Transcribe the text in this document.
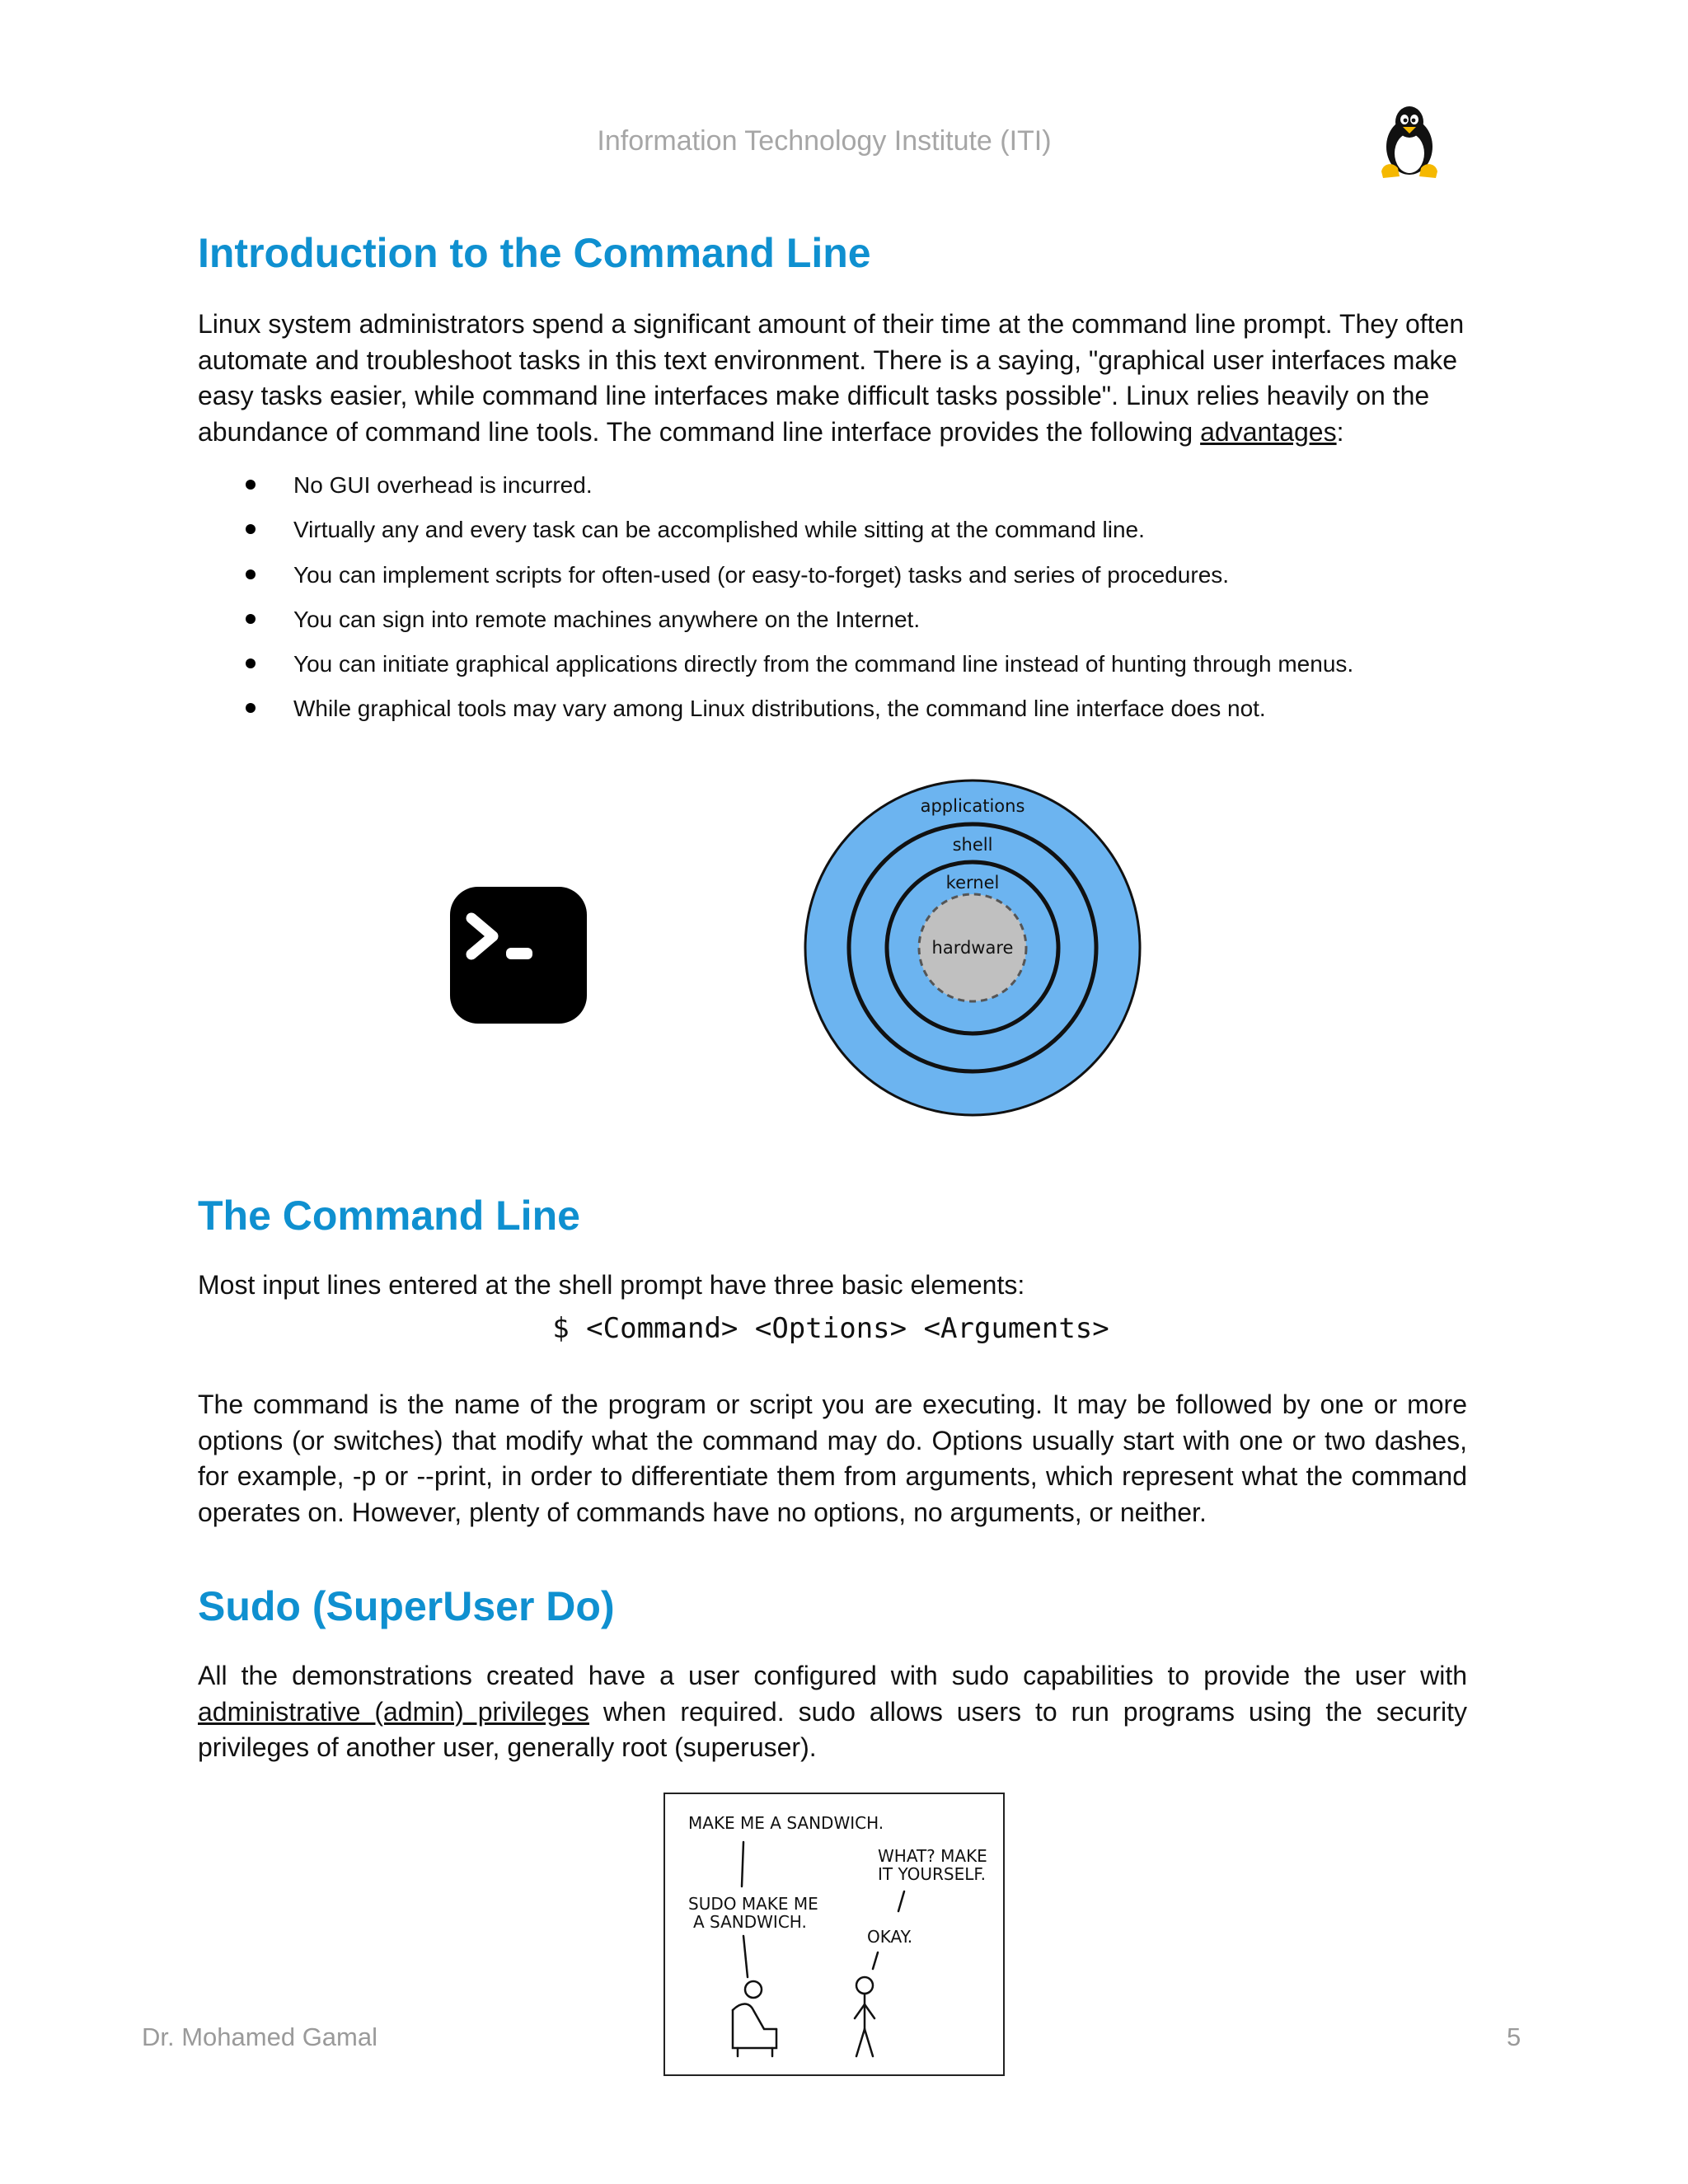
Information Technology Institute (ITI)
Introduction to the Command Line

Linux system administrators spend a significant amount of their time at the command line prompt. They often automate and troubleshoot tasks in this text environment. There is a saying, "graphical user interfaces make easy tasks easier, while command line interfaces make difficult tasks possible". Linux relies heavily on the abundance of command line tools. The command line interface provides the following advantages:

No GUI overhead is incurred.
Virtually any and every task can be accomplished while sitting at the command line.
You can implement scripts for often-used (or easy-to-forget) tasks and series of procedures.
You can sign into remote machines anywhere on the Internet.
You can initiate graphical applications directly from the command line instead of hunting through menus.
While graphical tools may vary among Linux distributions, the command line interface does not.
applications
shell
kernel
hardware
The Command Line

Most input lines entered at the shell prompt have three basic elements:

$ <Command> <Options> <Arguments>

The command is the name of the program or script you are executing. It may be followed by one or more options (or switches) that modify what the command may do. Options usually start with one or two dashes, for example, -p or --print, in order to differentiate them from arguments, which represent what the command operates on. However, plenty of commands have no options, no arguments, or neither.

Sudo (SuperUser Do)

All the demonstrations created have a user configured with sudo capabilities to provide the user with administrative (admin) privileges when required. sudo allows users to run programs using the security privileges of another user, generally root (superuser).

MAKE ME A SANDWICH.
WHAT? MAKE
IT YOURSELF.
SUDO MAKE ME
A SANDWICH.
OKAY.
Dr. Mohamed Gamal	5
